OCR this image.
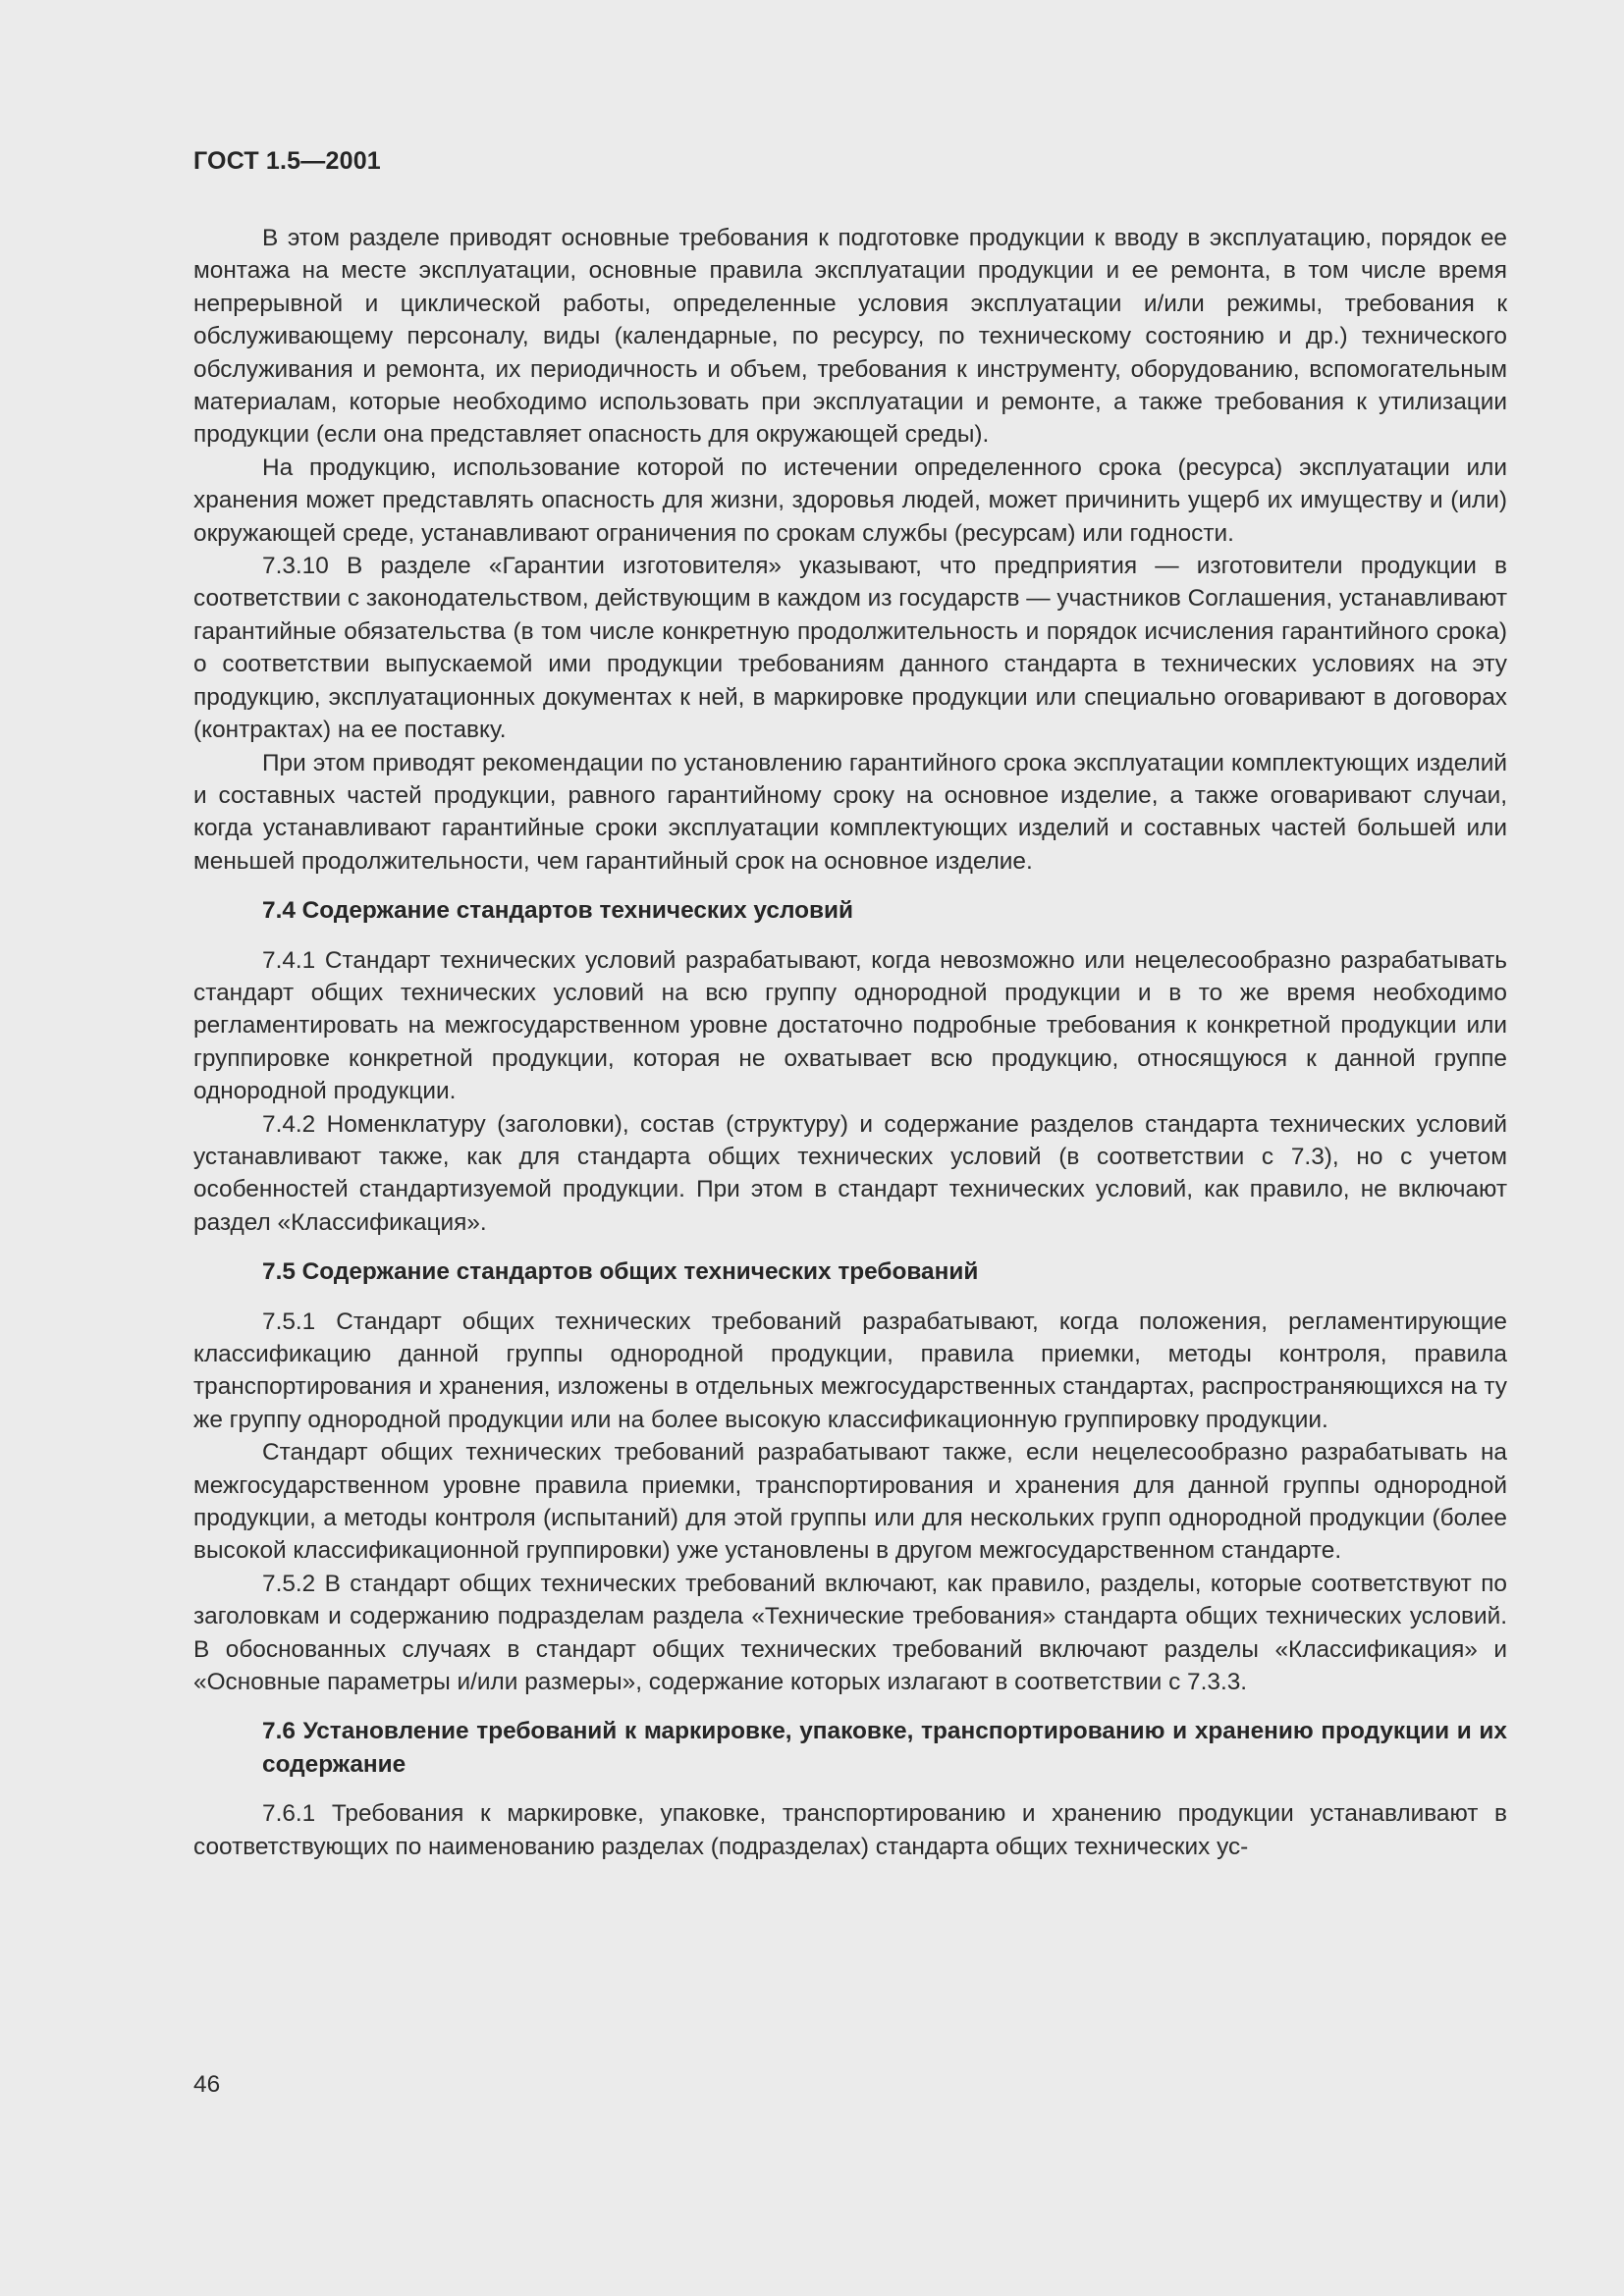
ГОСТ 1.5—2001

В этом разделе приводят основные требования к подготовке продукции к вводу в эксплуатацию, порядок ее монтажа на месте эксплуатации, основные правила эксплуатации продукции и ее ремонта, в том числе время непрерывной и циклической работы, определенные условия эксплуатации и/или режимы, требования к обслуживающему персоналу, виды (календарные, по ресурсу, по техническому состоянию и др.) технического обслуживания и ремонта, их периодичность и объем, требования к инструменту, оборудованию, вспомогательным материалам, которые необходимо использовать при эксплуатации и ремонте, а также требования к утилизации продукции (если она представляет опасность для окружающей среды).

На продукцию, использование которой по истечении определенного срока (ресурса) эксплуатации или хранения может представлять опасность для жизни, здоровья людей, может причинить ущерб их имуществу и (или) окружающей среде, устанавливают ограничения по срокам службы (ресурсам) или годности.

7.3.10 В разделе «Гарантии изготовителя» указывают, что предприятия — изготовители продукции в соответствии с законодательством, действующим в каждом из государств — участников Соглашения, устанавливают гарантийные обязательства (в том числе конкретную продолжительность и порядок исчисления гарантийного срока) о соответствии выпускаемой ими продукции требованиям данного стандарта в технических условиях на эту продукцию, эксплуатационных документах к ней, в маркировке продукции или специально оговаривают в договорах (контрактах) на ее поставку.

При этом приводят рекомендации по установлению гарантийного срока эксплуатации комплектующих изделий и составных частей продукции, равного гарантийному сроку на основное изделие, а также оговаривают случаи, когда устанавливают гарантийные сроки эксплуатации комплектующих изделий и составных частей большей или меньшей продолжительности, чем гарантийный срок на основное изделие.

7.4 Содержание стандартов технических условий

7.4.1 Стандарт технических условий разрабатывают, когда невозможно или нецелесообразно разрабатывать стандарт общих технических условий на всю группу однородной продукции и в то же время необходимо регламентировать на межгосударственном уровне достаточно подробные требования к конкретной продукции или группировке конкретной продукции, которая не охватывает всю продукцию, относящуюся к данной группе однородной продукции.

7.4.2 Номенклатуру (заголовки), состав (структуру) и содержание разделов стандарта технических условий устанавливают также, как для стандарта общих технических условий (в соответствии с 7.3), но с учетом особенностей стандартизуемой продукции. При этом в стандарт технических условий, как правило, не включают раздел «Классификация».

7.5 Содержание стандартов общих технических требований

7.5.1 Стандарт общих технических требований разрабатывают, когда положения, регламентирующие классификацию данной группы однородной продукции, правила приемки, методы контроля, правила транспортирования и хранения, изложены в отдельных межгосударственных стандартах, распространяющихся на ту же группу однородной продукции или на более высокую классификационную группировку продукции.

Стандарт общих технических требований разрабатывают также, если нецелесообразно разрабатывать на межгосударственном уровне правила приемки, транспортирования и хранения для данной группы однородной продукции, а методы контроля (испытаний) для этой группы или для нескольких групп однородной продукции (более высокой классификационной группировки) уже установлены в другом межгосударственном стандарте.

7.5.2 В стандарт общих технических требований включают, как правило, разделы, которые соответствуют по заголовкам и содержанию подразделам раздела «Технические требования» стандарта общих технических условий. В обоснованных случаях в стандарт общих технических требований включают разделы «Классификация» и «Основные параметры и/или размеры», содержание которых излагают в соответствии с 7.3.3.

7.6 Установление требований к маркировке, упаковке, транспортированию и хранению продукции и их содержание

7.6.1 Требования к маркировке, упаковке, транспортированию и хранению продукции устанавливают в соответствующих по наименованию разделах (подразделах) стандарта общих технических ус-

46
